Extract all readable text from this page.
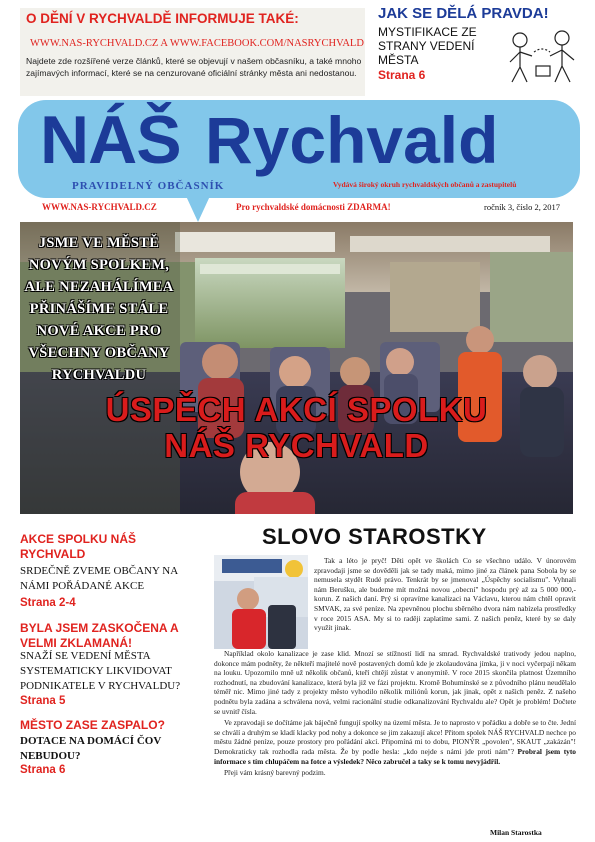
O DĚNÍ V RYCHVALDĚ INFORMUJE TAKÉ:
WWW.NAS-RYCHVALD.CZ A WWW.FACEBOOK.COM/NASRYCHVALD
Najdete zde rozšířené verze článků, které se objevují v našem občasníku, a také mnoho zajímavých informací, které se na cenzurované oficiální stránky města ani nedostanou.
JAK SE DĚLÁ PRAVDA!
MYSTIFIKACE ZE STRANY VEDENÍ MĚSTA
Strana 6
NÁŠ Rychvald
PRAVIDELNÝ OBČASNÍK	Vydává široký okruh rychvaldských občanů a zastupitelů
WWW.NAS-RYCHVALD.CZ	Pro rychvaldské domácnosti ZDARMA!	ročník 3, číslo 2, 2017
JSME VE MĚSTĚ NOVÝM SPOLKEM, ALE NEZAHÁLÍMEA PŘINÁŠÍME STÁLE NOVÉ AKCE PRO VŠECHNY OBČANY RYCHVALDU
ÚSPĚCH AKCÍ SPOLKU
NÁŠ RYCHVALD
AKCE SPOLKU NÁŠ RYCHVALD
SRDEČNĚ ZVEME OBČANY NA NÁMI POŘÁDANÉ AKCE
Strana 2-4
BYLA JSEM ZASKOČENA A VELMI ZKLAMANÁ!
SNAŽÍ SE VEDENÍ MĚSTA SYSTEMATICKY LIKVIDOVAT PODNIKATELE V RYCHVALDU?
Strana 5
MĚSTO ZASE ZASPALO?
DOTACE NA DOMÁCÍ ČOV NEBUDOU?
Strana 6
SLOVO STAROSTKY

Tak a léto je pryč! Děti opět ve školách Co se všechno událo. V únorovém zpravodaji jsme se dověděli jak se tady maká, mimo jiné za článek pana Sobola by se nemusela stydět Rudé právo. Tenkrát by se jmenoval „Úspěchy socialismu". Vyhnali nám Berušku, ale budeme mít možná novou „obecní" hospodu prý až za 5 000 000,- korun. Z našich daní. Prý si opravíme kanalizaci na Václavu, kterou nám chtěl opravit SMVAK, za své peníze. Na zpevněnou plochu sběrného dvora nám nabízela prostředky v roce 2015 ASA. My si to raději zaplatíme sami. Z našich peněz, které by se daly využít jinak.

Například okolo kanalizace je zase klid. Mnozí se stížností lidí na smrad. Rychvaldské trativody jedou naplno, dokonce mám podněty, že někteří majitelé nově postavených domů kde je zkolaudována jímka, ji v noci vyčerpají někam na louku. Upozornilo mně už několik občanů, kteří chtějí zůstat v anonymitě. V roce 2015 skončila platnost Územního rozhodnutí, na zbudování kanalizace, která byla již ve fázi projektu. Kromě Bohumínské se z původního plánu neudělalo téměř nic. Mimo jiné tady z projekty město vyhodilo několik miliónů korun, jak jinak, opět z našich peněz. Z našeho podnětu byla zadána a schválena nová, velmi racionální studie odkanalizování Rychvaldu ale? Opět je problém! Dočtete se uvnitř čísla.

Ve zpravodaji se dočítáme jak báječně fungují spolky na území města. Je to naprosto v pořádku a dobře se to čte. Jední se chválí a druhým se kladí klacky pod nohy a dokonce se jim zakazují akce! Přitom spolek NÁŠ RYCHVALD nechce po městu žádné peníze, pouze prostory pro pořádání akcí. Připomíná mi to dobu, PIONÝR „povolen", SKAUT „zakázán"! Demokraticky tak rozhodla rada města. Že by podle hesla: „kdo nejde s námi jde proti nám"? Probral jsem tyto informace s tím chlupáčem na fotce a výsledek? Něco zabručel a taky se k tomu nevyjádřil.

Přeji vám krásný barevný podzim.

Milan Starostka
